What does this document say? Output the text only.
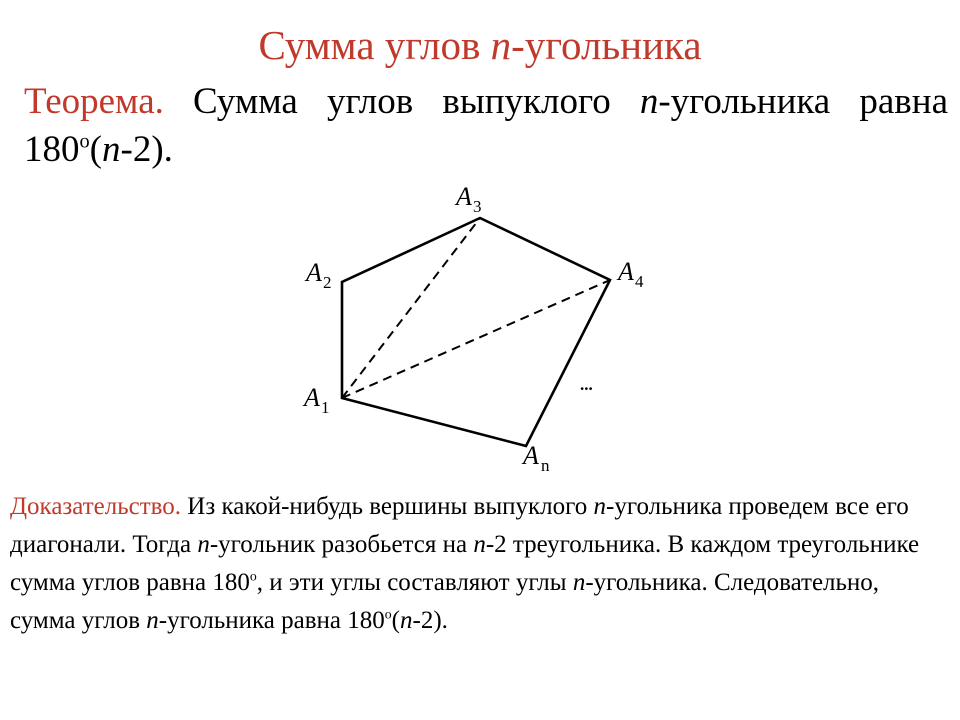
Сумма углов n-угольника
Теорема. Сумма углов выпуклого n-угольника равна 180$^o$(n-2).
A 1
A 2
A 3
A 4
A n
...
Доказательство. Из какой-нибудь вершины выпуклого n-угольника проведем все его диагонали. Тогда n-угольник разобьется на n-2 треугольника. В каждом треугольнике сумма углов равна 180$^o$, и эти углы составляют углы n-угольника. Следовательно, сумма углов n-угольника равна 180$^o$(n-2).
